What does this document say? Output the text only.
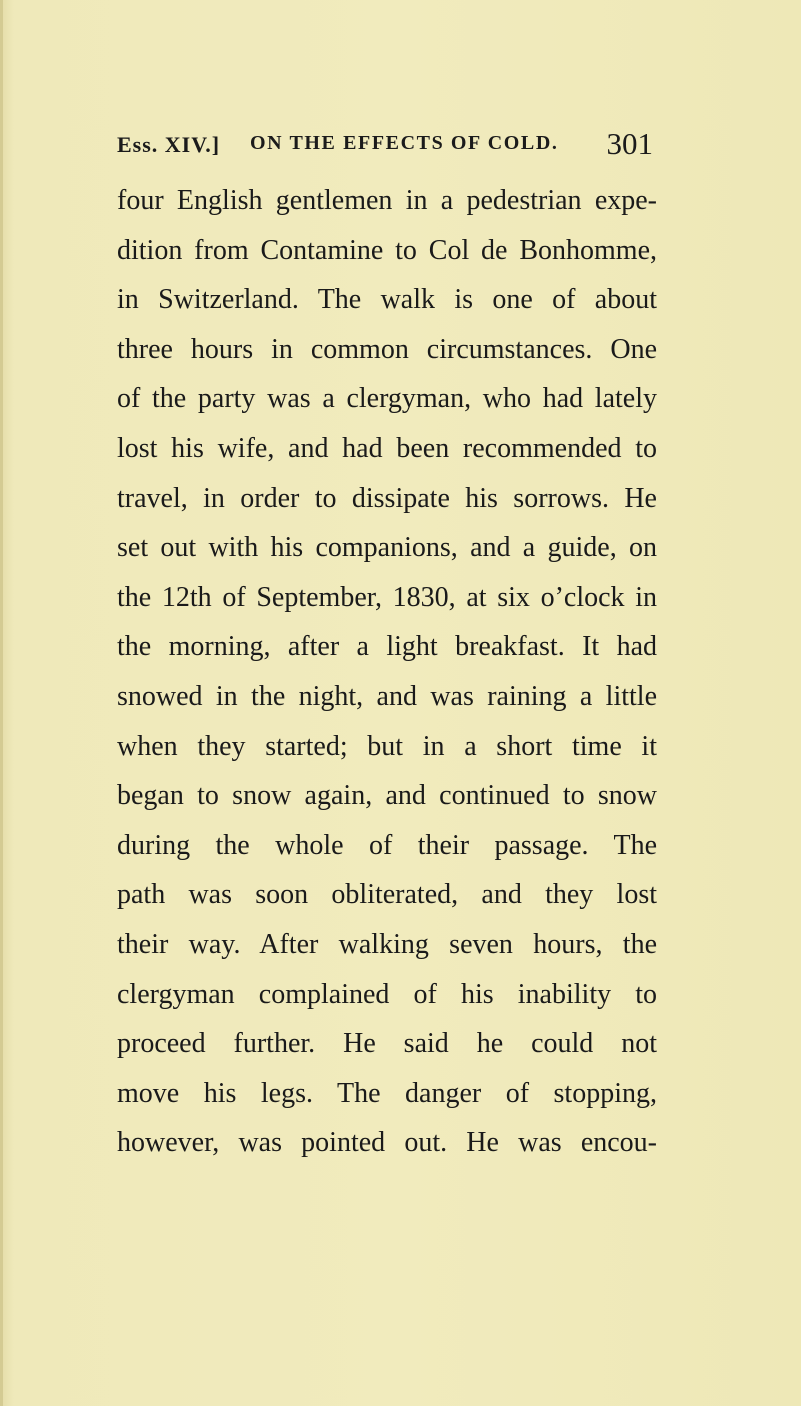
Ess. XIV.] ON THE EFFECTS OF COLD. 301
four English gentlemen in a pedestrian expe-
dition from Contamine to Col de Bonhomme,
in Switzerland. The walk is one of about
three hours in common circumstances. One
of the party was a clergyman, who had lately
lost his wife, and had been recommended to
travel, in order to dissipate his sorrows. He
set out with his companions, and a guide, on
the 12th of September, 1830, at six o’clock in
the morning, after a light breakfast. It had
snowed in the night, and was raining a little
when they started; but in a short time it
began to snow again, and continued to snow
during the whole of their passage. The
path was soon obliterated, and they lost
their way. After walking seven hours, the
clergyman complained of his inability to
proceed further. He said he could not
move his legs. The danger of stopping,
however, was pointed out. He was encou-
